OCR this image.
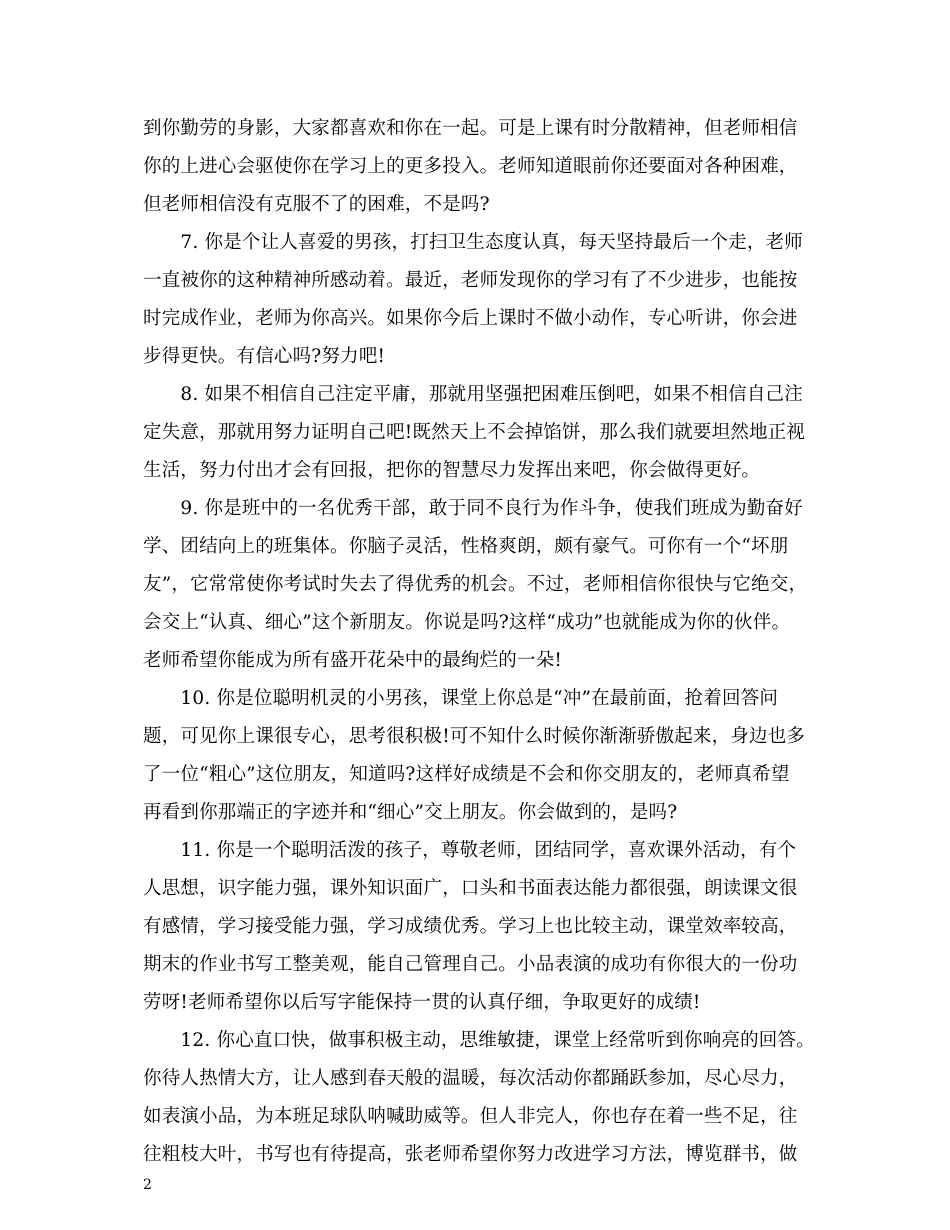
到你勤劳的身影，大家都喜欢和你在一起。可是上课有时分散精神，但老师相信
你的上进心会驱使你在学习上的更多投入。老师知道眼前你还要面对各种困难，
但老师相信没有克服不了的困难，不是吗?
　　7. 你是个让人喜爱的男孩，打扫卫生态度认真，每天坚持最后一个走，老师
一直被你的这种精神所感动着。最近，老师发现你的学习有了不少进步，也能按
时完成作业，老师为你高兴。如果你今后上课时不做小动作，专心听讲，你会进
步得更快。有信心吗?努力吧!
　　8. 如果不相信自己注定平庸，那就用坚强把困难压倒吧，如果不相信自己注
定失意，那就用努力证明自己吧!既然天上不会掉馅饼，那么我们就要坦然地正视
生活，努力付出才会有回报，把你的智慧尽力发挥出来吧，你会做得更好。
　　9. 你是班中的一名优秀干部，敢于同不良行为作斗争，使我们班成为勤奋好
学、团结向上的班集体。你脑子灵活，性格爽朗，颇有豪气。可你有一个“坏朋
友”，它常常使你考试时失去了得优秀的机会。不过，老师相信你很快与它绝交，
会交上“认真、细心”这个新朋友。你说是吗?这样“成功”也就能成为你的伙伴。
老师希望你能成为所有盛开花朵中的最绚烂的一朵!
　　10. 你是位聪明机灵的小男孩，课堂上你总是“冲”在最前面，抢着回答问
题，可见你上课很专心，思考很积极!可不知什么时候你渐渐骄傲起来，身边也多
了一位“粗心”这位朋友，知道吗?这样好成绩是不会和你交朋友的，老师真希望
再看到你那端正的字迹并和“细心”交上朋友。你会做到的，是吗?
　　11. 你是一个聪明活泼的孩子，尊敬老师，团结同学，喜欢课外活动，有个
人思想，识字能力强，课外知识面广，口头和书面表达能力都很强，朗读课文很
有感情，学习接受能力强，学习成绩优秀。学习上也比较主动，课堂效率较高，
期末的作业书写工整美观，能自己管理自己。小品表演的成功有你很大的一份功
劳呀!老师希望你以后写字能保持一贯的认真仔细，争取更好的成绩!
　　12. 你心直口快，做事积极主动，思维敏捷，课堂上经常听到你响亮的回答。
你待人热情大方，让人感到春天般的温暖，每次活动你都踊跃参加，尽心尽力，
如表演小品，为本班足球队呐喊助威等。但人非完人，你也存在着一些不足，往
往粗枝大叶，书写也有待提高，张老师希望你努力改进学习方法，博览群书，做
2
